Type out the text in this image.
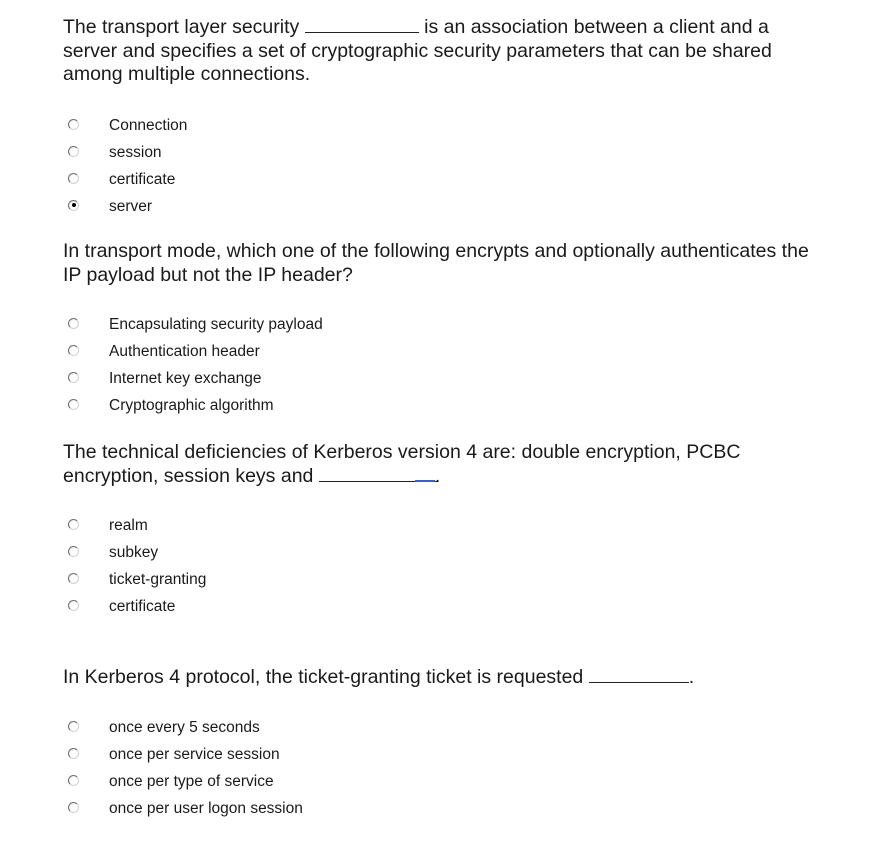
The transport layer security	is an association between a client and a server and specifies a set of cryptographic security parameters that can be shared among multiple connections.

Connection
session
certificate
server

In transport mode, which one of the following encrypts and optionally authenticates the IP payload but not the IP header?

Encapsulating security payload
Authentication header
Internet key exchange
Cryptographic algorithm

The technical deficiencies of Kerberos version 4 are: double encryption, PCBC encryption, session keys and	.

realm
subkey
ticket-granting
certificate

In Kerberos 4 protocol, the ticket-granting ticket is requested	.

once every 5 seconds
once per service session
once per type of service
once per user logon session
